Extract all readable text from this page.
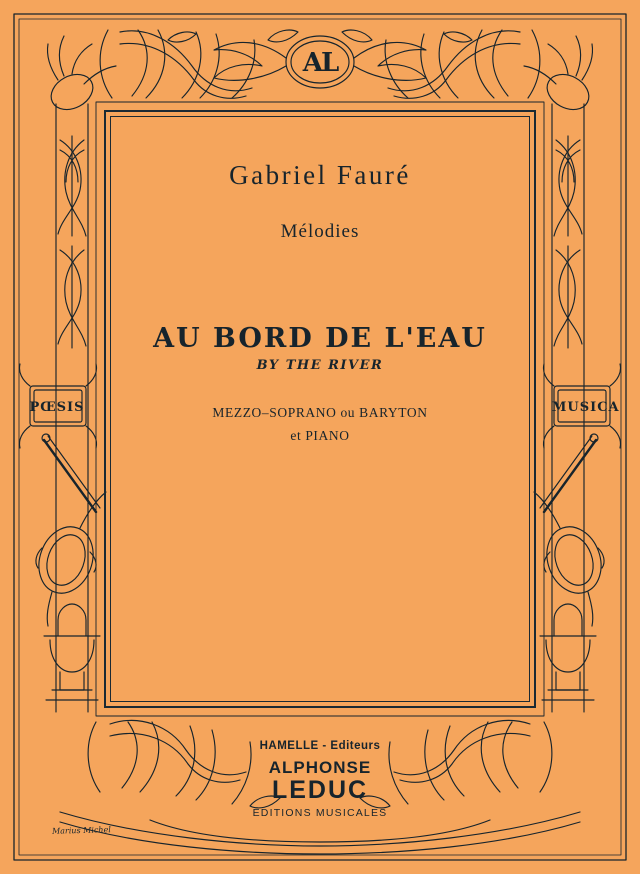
AL
Gabriel Fauré
Mélodies
AU BORD DE L'EAU
BY THE RIVER
MEZZO–SOPRANO ou BARYTON
et PIANO
PŒSIS	MUSICA
HAMELLE - Editeurs
ALPHONSE
LEDUC
ÉDITIONS MUSICALES
Marius Michel
